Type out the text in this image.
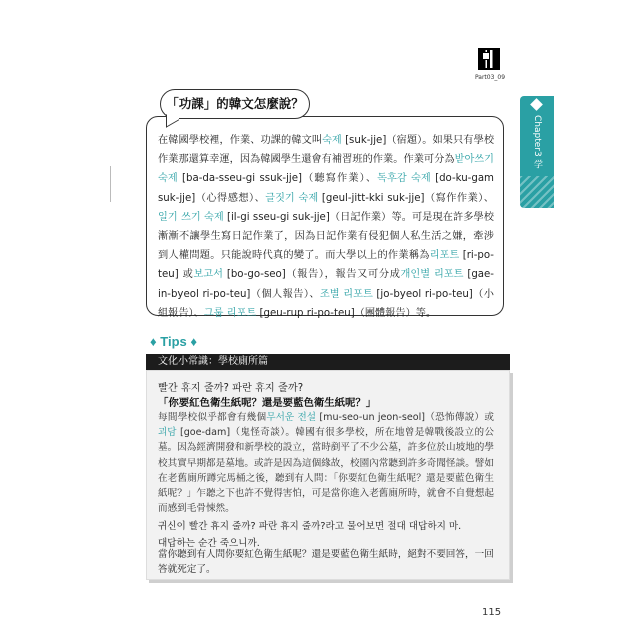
Part03_09
Chapter3 学
「功課」的韓文怎麼說？
在韓國學校裡，作業、功課的韓文叫숙제 [suk-jje]（宿題）。如果只有學校作業那還算幸運，因為韓國學生還會有補習班的作業。作業可分為받아쓰기 숙제 [ba-da-sseu-gi ssuk-jje]（聽寫作業）、독후감 숙제 [do-ku-gam suk-jje]（心得感想）、글짓기 숙제 [geul-jitt-kki suk-jje]（寫作作業）、일기 쓰기 숙제 [il-gi sseu-gi suk-jje]（日記作業）等。可是現在許多學校漸漸不讓學生寫日記作業了，因為日記作業有侵犯個人私生活之嫌，牽涉到人權問題。只能說時代真的變了。而大學以上的作業稱為리포트 [ri-po-teu] 或보고서 [bo-go-seo]（報告），報告又可分成개인별 리포트 [gae-in-byeol ri-po-teu]（個人報告）、조별 리포트 [jo-byeol ri-po-teu]（小組報告）、그룹 리포트 [geu-rup ri-po-teu]（團體報告）等。
♦ Tips ♦
文化小常識：學校廁所篇
빨간 휴지 줄까? 파란 휴지 줄까?
「你要紅色衛生紙呢？還是要藍色衛生紙呢？」
每間學校似乎都會有幾個무서운 전설 [mu-seo-un jeon-seol]（恐怖傳說）或괴담 [goe-dam]（鬼怪奇談）。韓國有很多學校，所在地曾是韓戰後設立的公墓。因為經濟開發和新學校的設立，當時剷平了不少公墓，許多位於山坡地的學校其實早期都是墓地。或許是因為這個緣故，校園內常聽到許多奇聞怪談。譬如在老舊廁所蹲完馬桶之後，聽到有人問：「你要紅色衛生紙呢？還是要藍色衛生紙呢？」乍聽之下也許不覺得害怕，可是當你進入老舊廁所時，就會不自覺想起而感到毛骨悚然。
귀신이 빨간 휴지 줄까? 파란 휴지 줄까?라고 물어보면 절대 대답하지 마.
대답하는 순간 죽으니까.
當你聽到有人問你要紅色衛生紙呢？還是要藍色衛生紙時，絕對不要回答，一回答就死定了。
115
